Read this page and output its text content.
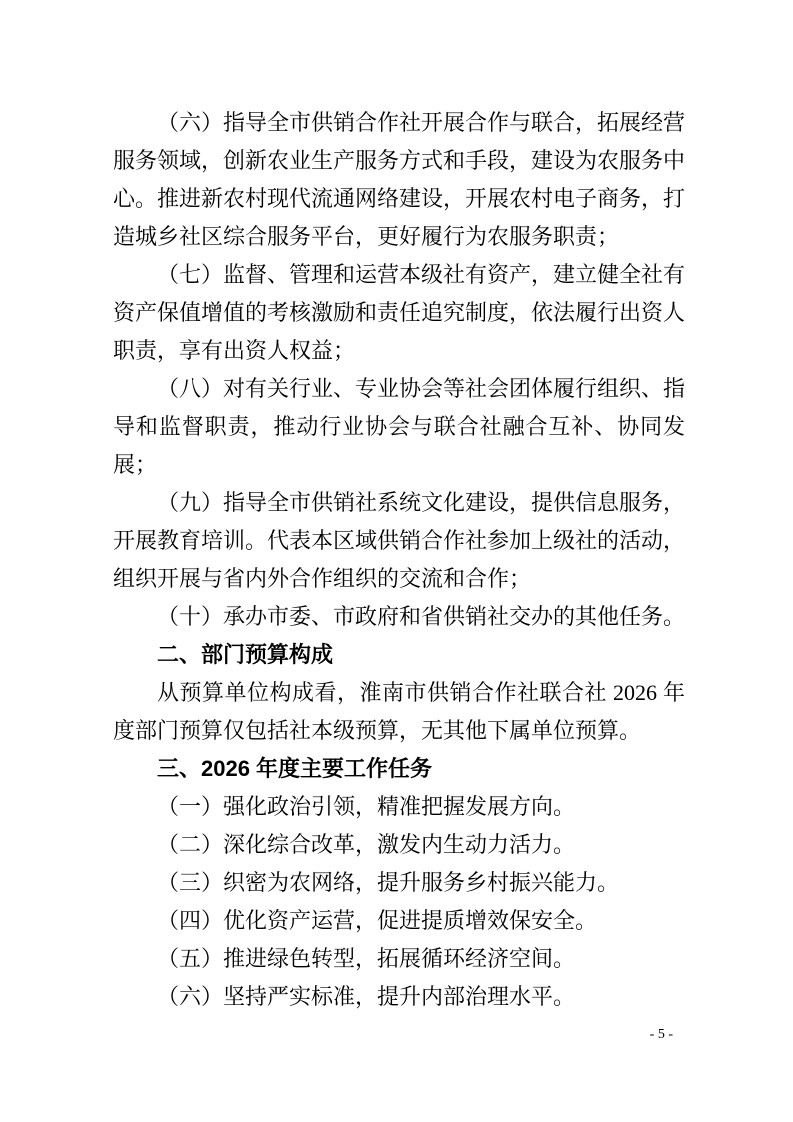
（六）指导全市供销合作社开展合作与联合，拓展经营服务领域，创新农业生产服务方式和手段，建设为农服务中心。推进新农村现代流通网络建设，开展农村电子商务，打造城乡社区综合服务平台，更好履行为农服务职责；

（七）监督、管理和运营本级社有资产，建立健全社有资产保值增值的考核激励和责任追究制度，依法履行出资人职责，享有出资人权益；

（八）对有关行业、专业协会等社会团体履行组织、指导和监督职责，推动行业协会与联合社融合互补、协同发展；

（九）指导全市供销社系统文化建设，提供信息服务，开展教育培训。代表本区域供销合作社参加上级社的活动，组织开展与省内外合作组织的交流和合作；

（十）承办市委、市政府和省供销社交办的其他任务。

二、部门预算构成

从预算单位构成看，淮南市供销合作社联合社 2026 年度部门预算仅包括社本级预算，无其他下属单位预算。

三、2026 年度主要工作任务

（一）强化政治引领，精准把握发展方向。

（二）深化综合改革，激发内生动力活力。

（三）织密为农网络，提升服务乡村振兴能力。

（四）优化资产运营，促进提质增效保安全。

（五）推进绿色转型，拓展循环经济空间。

（六）坚持严实标准，提升内部治理水平。

- 5 -
